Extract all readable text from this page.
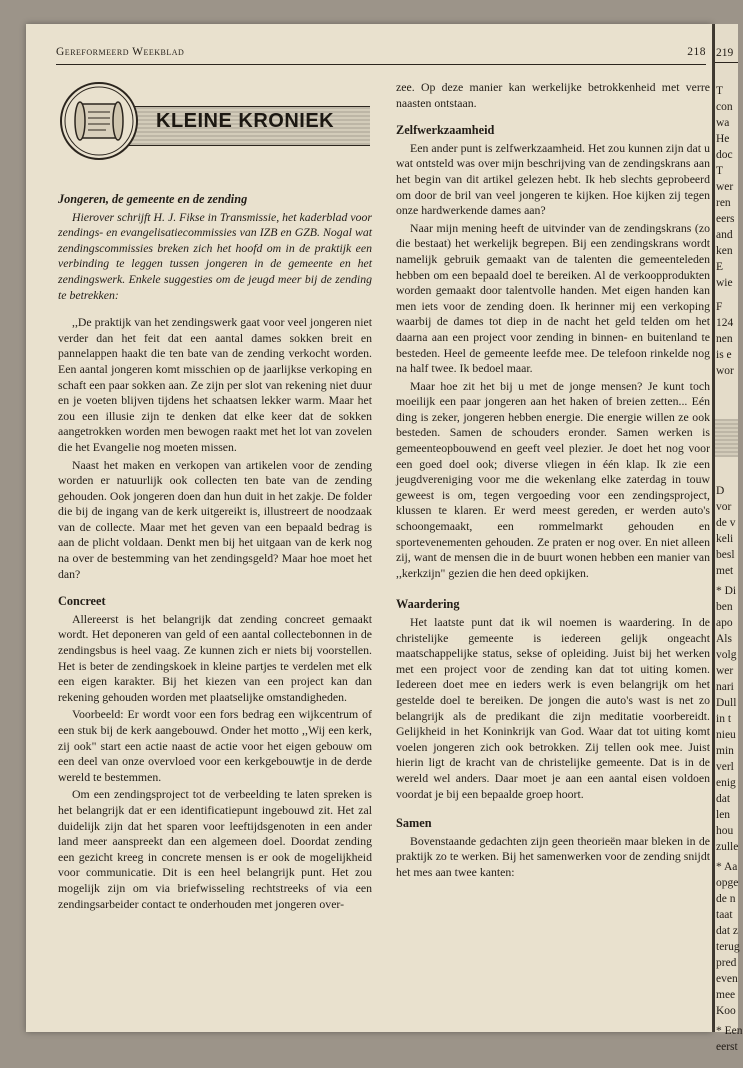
Gereformeerd Weekblad	218
KLEINE KRONIEK
Jongeren, de gemeente en de zending

Hierover schrijft H. J. Fikse in Transmissie, het kaderblad voor zendings- en evangelisatiecommissies van IZB en GZB. Nogal wat zendingscommissies breken zich het hoofd om in de praktijk een verbinding te leggen tussen jongeren in de gemeente en het zendingswerk. Enkele suggesties om de jeugd meer bij de zending te betrekken:

,,De praktijk van het zendingswerk gaat voor veel jongeren niet verder dan het feit dat een aantal dames sokken breit en pannelappen haakt die ten bate van de zending verkocht worden. Een aantal jongeren komt misschien op de jaarlijkse verkoping en schaft een paar sokken aan. Ze zijn per slot van rekening niet duur en je voeten blijven tijdens het schaatsen lekker warm. Maar het zou een illusie zijn te denken dat elke keer dat de sokken aangetrokken worden men bewogen raakt met het lot van zovelen die het Evangelie nog moeten missen.

Naast het maken en verkopen van artikelen voor de zending worden er natuurlijk ook collecten ten bate van de zending gehouden. Ook jongeren doen dan hun duit in het zakje. De folder die bij de ingang van de kerk uitgereikt is, illustreert de noodzaak van de collecte. Maar met het geven van een bepaald bedrag is aan de plicht voldaan. Denkt men bij het uitgaan van de kerk nog na over de bestemming van het zendingsgeld? Maar hoe moet het dan?

Concreet

Allereerst is het belangrijk dat zending concreet gemaakt wordt. Het deponeren van geld of een aantal collectebonnen in de zendingsbus is heel vaag. Ze kunnen zich er niets bij voorstellen. Het is beter de zendingskoek in kleine partjes te verdelen met elk een eigen karakter. Bij het kiezen van een project kan dan rekening gehouden worden met plaatselijke omstandigheden.

Voorbeeld: Er wordt voor een fors bedrag een wijkcentrum of een stuk bij de kerk aangebouwd. Onder het motto ,,Wij een kerk, zij ook" start een actie naast de actie voor het eigen gebouw om een deel van onze overvloed voor een kerkgebouwtje in de derde wereld te bestemmen.

Om een zendingsproject tot de verbeelding te laten spreken is het belangrijk dat er een identificatiepunt ingebouwd zit. Het zal duidelijk zijn dat het sparen voor leeftijdsgenoten in een ander land meer aanspreekt dan een algemeen doel. Doordat zending een gezicht kreeg in concrete mensen is er ook de mogelijkheid voor communicatie. Dit is een heel belangrijk punt. Het zou mogelijk zijn om via briefwisseling rechtstreeks of via een zendingsarbeider contact te onderhouden met jongeren over-

zee. Op deze manier kan werkelijke betrokkenheid met verre naasten ontstaan.

Zelfwerkzaamheid

Een ander punt is zelfwerkzaamheid. Het zou kunnen zijn dat u wat ontsteld was over mijn beschrijving van de zendingskrans aan het begin van dit artikel gelezen hebt. Ik heb slechts geprobeerd om door de bril van veel jongeren te kijken. Hoe kijken zij tegen onze hardwerkende dames aan?

Naar mijn mening heeft de uitvinder van de zendingskrans (zo die bestaat) het werkelijk begrepen. Bij een zendingskrans wordt namelijk gebruik gemaakt van de talenten die gemeenteleden hebben om een bepaald doel te bereiken. Al de verkoopprodukten worden gemaakt door talentvolle handen. Met eigen handen kan men iets voor de zending doen. Ik herinner mij een verkoping waarbij de dames tot diep in de nacht het geld telden om het daarna aan een project voor zending in binnen- en buitenland te besteden. Heel de gemeente leefde mee. De telefoon rinkelde nog na half twee. Ik bedoel maar.

Maar hoe zit het bij u met de jonge mensen? Je kunt toch moeilijk een paar jongeren aan het haken of breien zetten... Eén ding is zeker, jongeren hebben energie. Die energie willen ze ook besteden. Samen de schouders eronder. Samen werken is gemeenteopbouwend en geeft veel plezier. Je doet het nog voor een goed doel ook; diverse vliegen in één klap. Ik zie een jeugdvereniging voor me die wekenlang elke zaterdag in touw geweest is om, tegen vergoeding voor een zendingsproject, klussen te klaren. Er werd meest gereden, er werden auto's schoongemaakt, een rommelmarkt gehouden en sportevenementen gehouden. Ze praten er nog over. En niet alleen zij, want de mensen die in de buurt wonen hebben een manier van ,,kerkzijn" gezien die hen deed opkijken.

Waardering

Het laatste punt dat ik wil noemen is waardering. In de christelijke gemeente is iedereen gelijk ongeacht maatschappelijke status, sekse of opleiding. Juist bij het werken met een project voor de zending kan dat tot uiting komen. Iedereen doet mee en ieders werk is even belangrijk om het gestelde doel te bereiken. De jongen die auto's wast is net zo belangrijk als de predikant die zijn meditatie voorbereidt. Gelijkheid in het Koninkrijk van God. Waar dat tot uiting komt voelen jongeren zich ook betrokken. Zij tellen ook mee. Juist hierin ligt de kracht van de christelijke gemeente. Dat is in de wereld wel anders. Daar moet je aan een aantal eisen voldoen voordat je bij een bepaalde groep hoort.

Samen

Bovenstaande gedachten zijn geen theorieën maar bleken in de praktijk zo te werken. Bij het samenwerken voor de zending snijdt het mes aan twee kanten:

219
T
con
wa
He
doc
T
wer
ren
eers
and
ken
E
wie
F
124
nen
is e
wor
D
vor
de v
keli
besl
met
* Di
ben
apo
Als
volg
wer
nari
Dull
in t
nieu
min
verl
enig
dat
len
hou
zulle
* Aa
opge
de n
taat
dat z
terug
pred
even
mee
Koo
* Een
eerst
